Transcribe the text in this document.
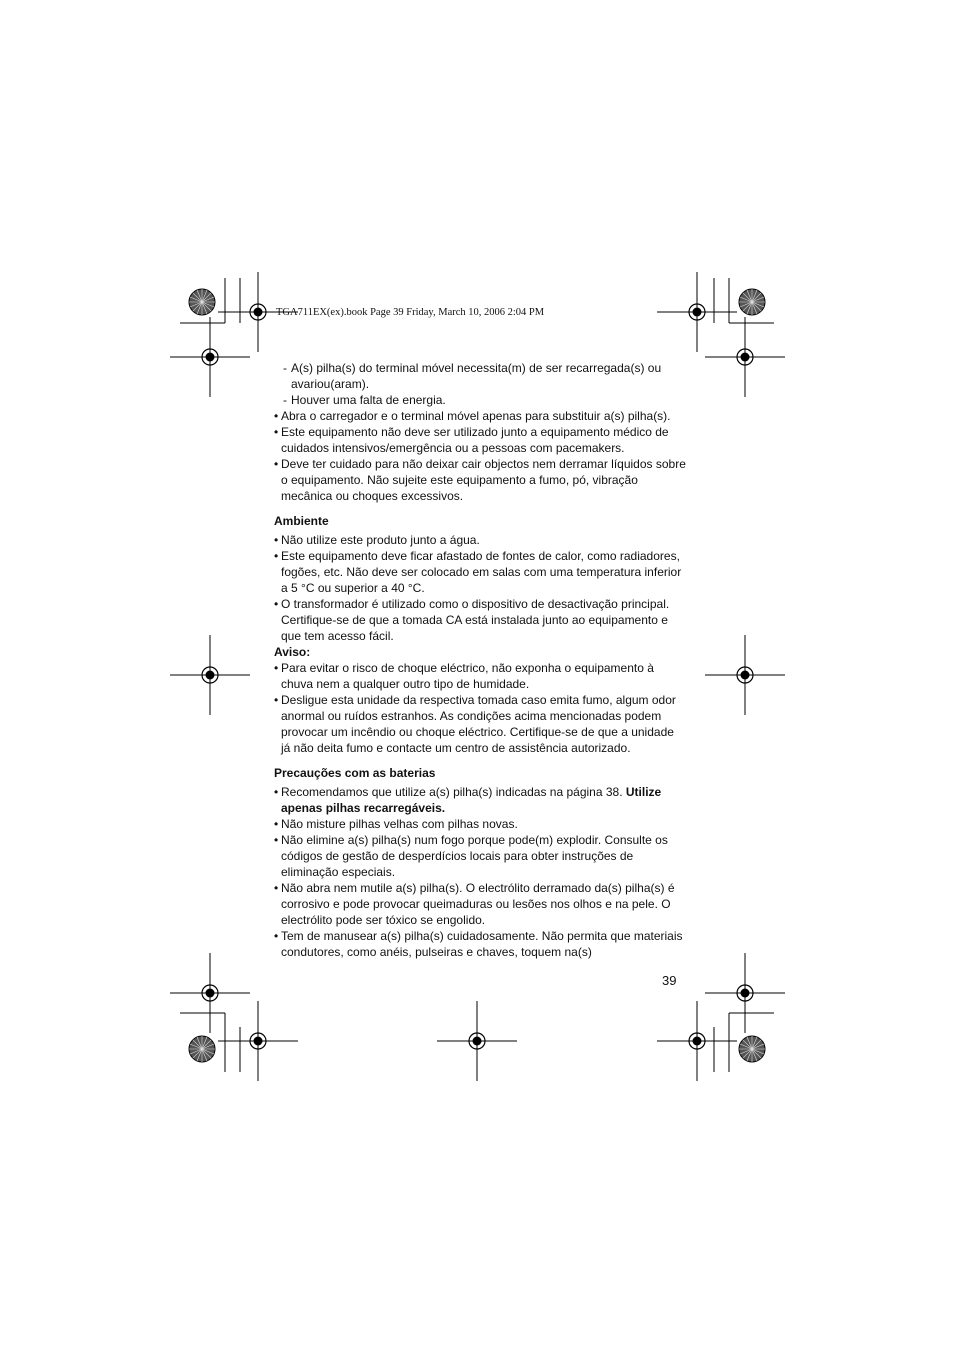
TGA711EX(ex).book Page 39 Friday, March 10, 2006 2:04 PM
- A(s) pilha(s) do terminal móvel necessita(m) de ser recarregada(s) ou avariou(aram).
- Houver uma falta de energia.
• Abra o carregador e o terminal móvel apenas para substituir a(s) pilha(s).
• Este equipamento não deve ser utilizado junto a equipamento médico de cuidados intensivos/emergência ou a pessoas com pacemakers.
• Deve ter cuidado para não deixar cair objectos nem derramar líquidos sobre o equipamento. Não sujeite este equipamento a fumo, pó, vibração mecânica ou choques excessivos.
Ambiente
• Não utilize este produto junto a água.
• Este equipamento deve ficar afastado de fontes de calor, como radiadores, fogões, etc. Não deve ser colocado em salas com uma temperatura inferior a 5 °C ou superior a 40 °C.
• O transformador é utilizado como o dispositivo de desactivação principal. Certifique-se de que a tomada CA está instalada junto ao equipamento e que tem acesso fácil.
Aviso:
• Para evitar o risco de choque eléctrico, não exponha o equipamento à chuva nem a qualquer outro tipo de humidade.
• Desligue esta unidade da respectiva tomada caso emita fumo, algum odor anormal ou ruídos estranhos. As condições acima mencionadas podem provocar um incêndio ou choque eléctrico. Certifique-se de que a unidade já não deita fumo e contacte um centro de assistência autorizado.
Precauções com as baterias
• Recomendamos que utilize a(s) pilha(s) indicadas na página 38. Utilize apenas pilhas recarregáveis.
• Não misture pilhas velhas com pilhas novas.
• Não elimine a(s) pilha(s) num fogo porque pode(m) explodir. Consulte os códigos de gestão de desperdícios locais para obter instruções de eliminação especiais.
• Não abra nem mutile a(s) pilha(s). O electrólito derramado da(s) pilha(s) é corrosivo e pode provocar queimaduras ou lesões nos olhos e na pele. O electrólito pode ser tóxico se engolido.
• Tem de manusear a(s) pilha(s) cuidadosamente. Não permita que materiais condutores, como anéis, pulseiras e chaves, toquem na(s)
39
